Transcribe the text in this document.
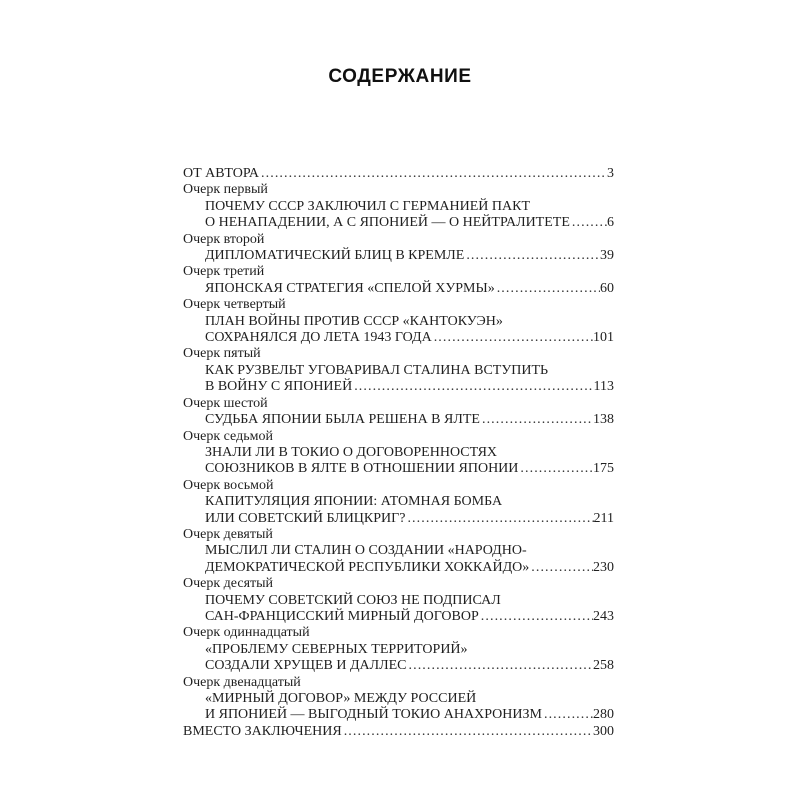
СОДЕРЖАНИЕ
ОТ АВТОРА .....	3
Очерк первый
ПОЧЕМУ СССР ЗАКЛЮЧИЛ С ГЕРМАНИЕЙ ПАКТ
О НЕНАПАДЕНИИ, А С ЯПОНИЕЙ — О НЕЙТРАЛИТЕТЕ .....	6
Очерк второй
ДИПЛОМАТИЧЕСКИЙ БЛИЦ В КРЕМЛЕ .....	39
Очерк третий
ЯПОНСКАЯ СТРАТЕГИЯ «СПЕЛОЙ ХУРМЫ» .....	60
Очерк четвертый
ПЛАН ВОЙНЫ ПРОТИВ СССР «КАНТОКУЭН»
СОХРАНЯЛСЯ ДО ЛЕТА 1943 ГОДА .....	101
Очерк пятый
КАК РУЗВЕЛЬТ УГОВАРИВАЛ СТАЛИНА ВСТУПИТЬ
В ВОЙНУ С ЯПОНИЕЙ .....	113
Очерк шестой
СУДЬБА ЯПОНИИ БЫЛА РЕШЕНА В ЯЛТЕ .....	138
Очерк седьмой
ЗНАЛИ ЛИ В ТОКИО О ДОГОВОРЕННОСТЯХ
СОЮЗНИКОВ В ЯЛТЕ В ОТНОШЕНИИ ЯПОНИИ .....	175
Очерк восьмой
КАПИТУЛЯЦИЯ ЯПОНИИ: АТОМНАЯ БОМБА
ИЛИ СОВЕТСКИЙ БЛИЦКРИГ? .....	211
Очерк девятый
МЫСЛИЛ ЛИ СТАЛИН О СОЗДАНИИ «НАРОДНО-
ДЕМОКРАТИЧЕСКОЙ РЕСПУБЛИКИ ХОККАЙДО» .....	230
Очерк десятый
ПОЧЕМУ СОВЕТСКИЙ СОЮЗ НЕ ПОДПИСАЛ
САН-ФРАНЦИССКИЙ МИРНЫЙ ДОГОВОР .....	243
Очерк одиннадцатый
«ПРОБЛЕМУ СЕВЕРНЫХ ТЕРРИТОРИЙ»
СОЗДАЛИ ХРУЩЕВ И ДАЛЛЕС .....	258
Очерк двенадцатый
«МИРНЫЙ ДОГОВОР» МЕЖДУ РОССИЕЙ
И ЯПОНИЕЙ — ВЫГОДНЫЙ ТОКИО АНАХРОНИЗМ .....	280
ВМЕСТО ЗАКЛЮЧЕНИЯ .....	300
